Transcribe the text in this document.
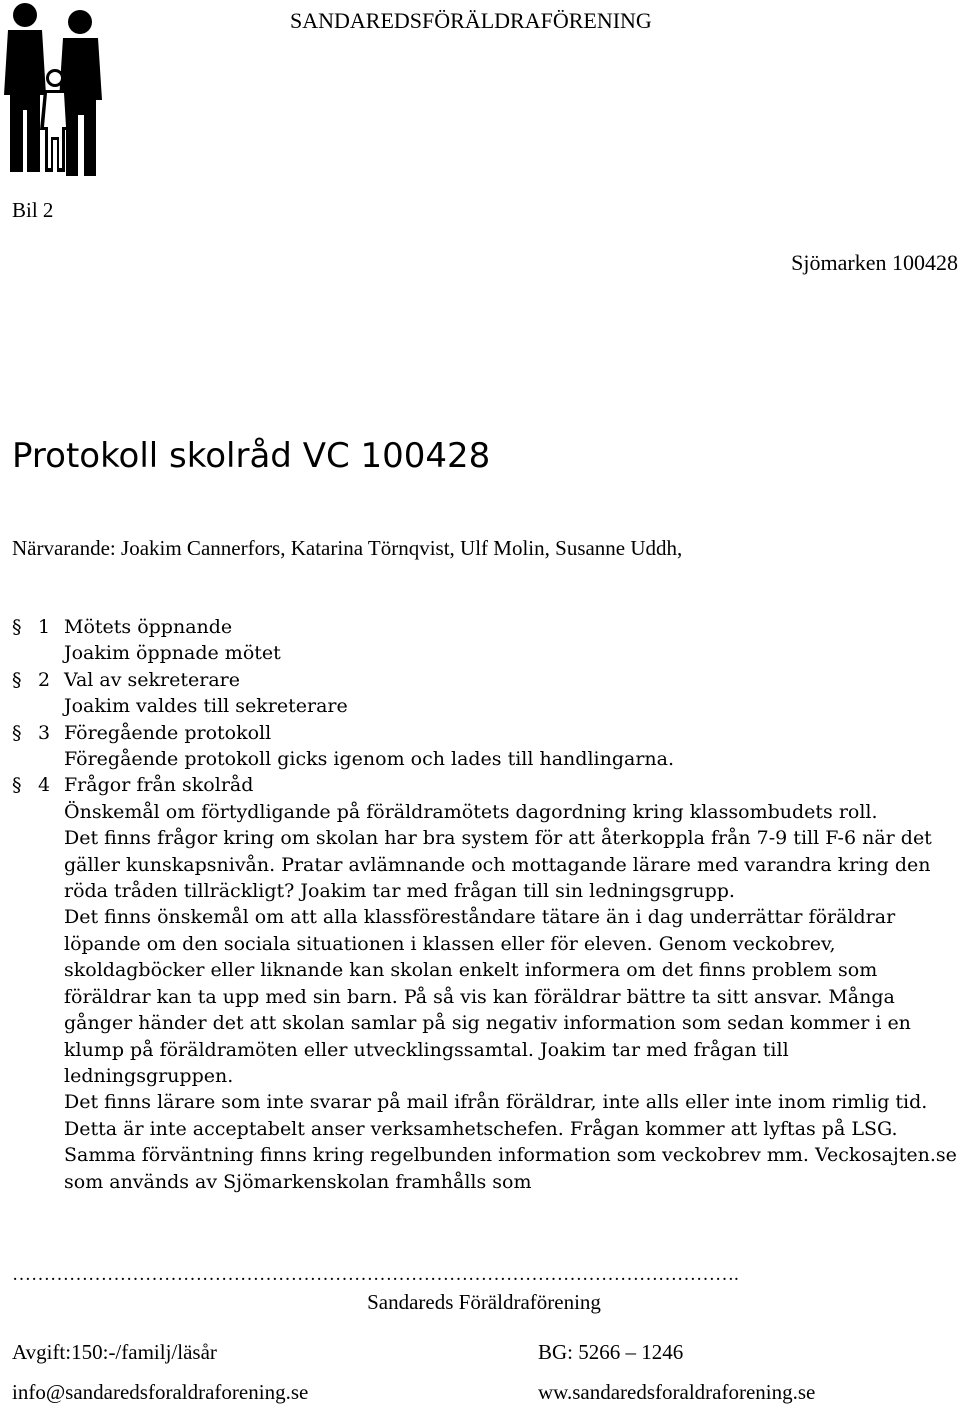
SANDAREDSFÖRÄLDRAFÖRENING
Bil 2
Sjömarken 100428
Protokoll skolråd VC 100428
Närvarande: Joakim Cannerfors, Katarina Törnqvist, Ulf Molin, Susanne Uddh,
§ 1 Mötets öppnande
Joakim öppnade mötet
§ 2 Val av sekreterare
Joakim valdes till sekreterare
§ 3 Föregående protokoll
Föregående protokoll gicks igenom och lades till handlingarna.
§ 4 Frågor från skolråd
Önskemål om förtydligande på föräldramötets dagordning kring klassombudets roll.
Det finns frågor kring om skolan har bra system för att återkoppla från 7-9 till F-6 när det gäller kunskapsnivån. Pratar avlämnande och mottagande lärare med varandra kring den röda tråden tillräckligt? Joakim tar med frågan till sin ledningsgrupp.
Det finns önskemål om att alla klassföreståndare tätare än i dag underrättar föräldrar löpande om den sociala situationen i klassen eller för eleven. Genom veckobrev, skoldagböcker eller liknande kan skolan enkelt informera om det finns problem som föräldrar kan ta upp med sin barn. På så vis kan föräldrar bättre ta sitt ansvar. Många gånger händer det att skolan samlar på sig negativ information som sedan kommer i en klump på föräldramöten eller utvecklingssamtal. Joakim tar med frågan till ledningsgruppen.
Det finns lärare som inte svarar på mail ifrån föräldrar, inte alls eller inte inom rimlig tid. Detta är inte acceptabelt anser verksamhetschefen. Frågan kommer att lyftas på LSG. Samma förväntning finns kring regelbunden information som veckobrev mm. Veckosajten.se som används av Sjömarkenskolan framhålls som
…………………………………………………………………………………………………….
Sandareds Föräldraförening
Avgift:150:-/familj/läsår	BG: 5266 – 1246
info@sandaredsforaldraforening.se	ww.sandaredsforaldraforening.se
